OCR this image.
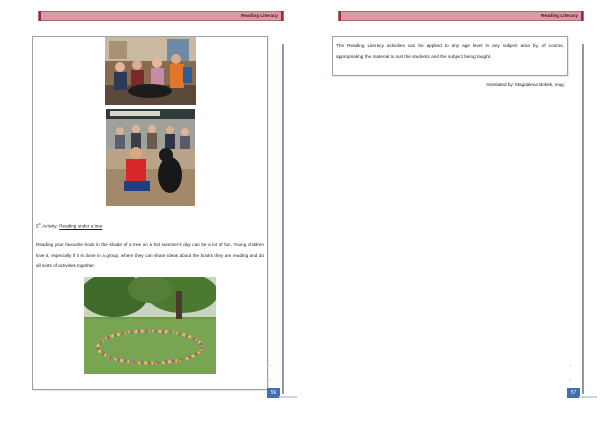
Reading Literacy
5th Activity: Reading under a tree
Reading your favourite book in the shade of a tree on a hot summer’s day can be a lot of fun. Young children love it, especially if it is done in a group, where they can share ideas about the books they are reading and do all sorts of activities together.
56
Reading Literacy
The Reading Literacy activities can be applied to any age level in any subject area by, of course, appropriating the material to suit the students and the subject being taught.
translated by: Magdalena Bobek, mag.
57
